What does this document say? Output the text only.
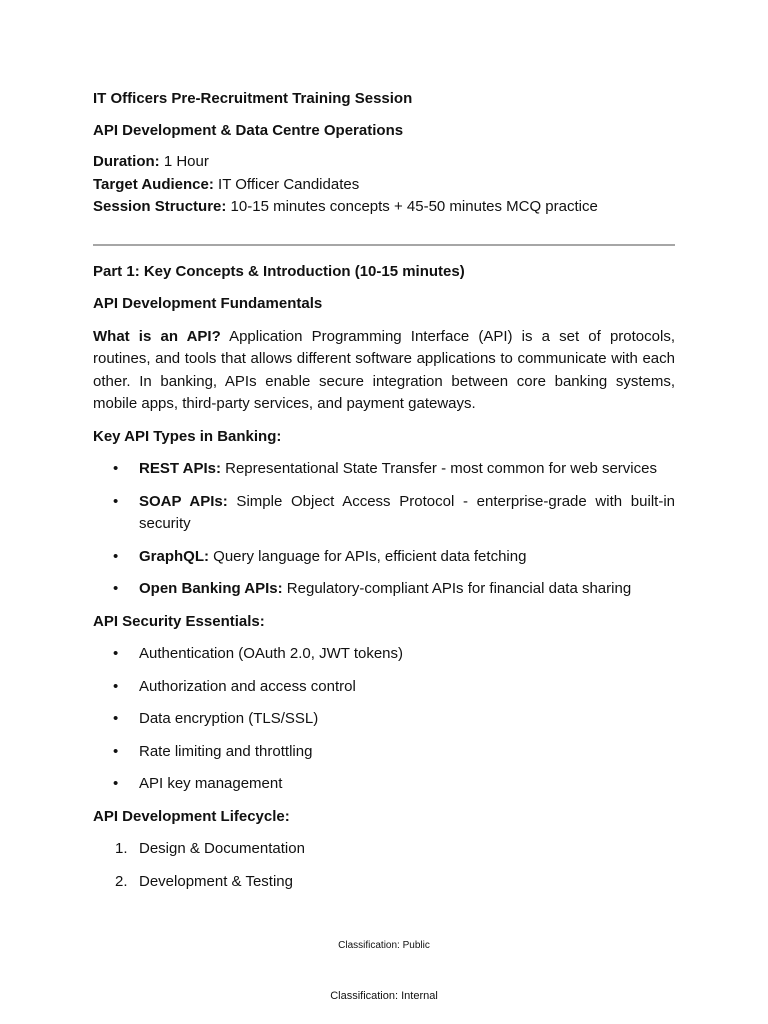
IT Officers Pre-Recruitment Training Session

API Development & Data Centre Operations

Duration: 1 Hour

Target Audience: IT Officer Candidates

Session Structure: 10-15 minutes concepts + 45-50 minutes MCQ practice

Part 1: Key Concepts & Introduction (10-15 minutes)

API Development Fundamentals

What is an API? Application Programming Interface (API) is a set of protocols, routines, and tools that allows different software applications to communicate with each other. In banking, APIs enable secure integration between core banking systems, mobile apps, third-party services, and payment gateways.

Key API Types in Banking:

• REST APIs: Representational State Transfer - most common for web services
• SOAP APIs: Simple Object Access Protocol - enterprise-grade with built-in security
• GraphQL: Query language for APIs, efficient data fetching
• Open Banking APIs: Regulatory-compliant APIs for financial data sharing

API Security Essentials:

• Authentication (OAuth 2.0, JWT tokens)
• Authorization and access control
• Data encryption (TLS/SSL)
• Rate limiting and throttling
• API key management

API Development Lifecycle:

1. Design & Documentation
2. Development & Testing
Classification: Public
Classification: Internal
